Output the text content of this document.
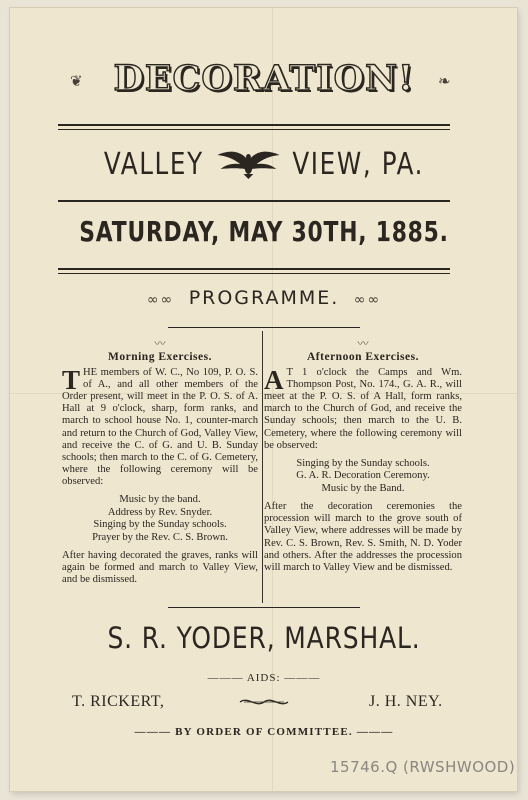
❦ DECORATION!	❧
VALLEY	VIEW, PA.
SATURDAY, MAY 30TH, 1885.
∞∞  PROGRAMME.  ∞∞
〰
Morning Exercises.

THE members of W. C., No 109, P. O. S. of A., and all other members of the Order present, will meet in the P. O. S. of A. Hall at 9 o'clock, sharp, form ranks, and march to school house No. 1, counter-march and return to the Church of God, Valley View, and receive the C. of G. and U. B. Sunday schools; then march to the C. of G. Cemetery, where the following ceremony will be observed:

Music by the band.
Address by Rev. Snyder.
Singing by the Sunday schools.
Prayer by the Rev. C. S. Brown.

After having decorated the graves, ranks will again be formed and march to Valley View, and be dismissed.

〰
Afternoon Exercises.

A T 1 o'clock the Camps and Wm. Thompson Post, No. 174., G. A. R., will meet at the P. O. S. of A Hall, form ranks, march to the Church of God, and receive the Sunday schools; then march to the U. B. Cemetery, where the following ceremony will be observed:

Singing by the Sunday schools.
G. A. R. Decoration Ceremony.
Music by the Band.

After the decoration ceremonies the procession will march to the grove south of Valley View, where addresses will be made by Rev. C. S. Brown, Rev. S. Smith, N. D. Yoder and others. After the addresses the procession will march to Valley View and be dismissed.

S. R. YODER, MARSHAL.
——— AIDS: ———
T. RICKERT,	J. H. NEY.
——— BY ORDER OF COMMITTEE. ———
15746.Q (RWSHWOOD)
